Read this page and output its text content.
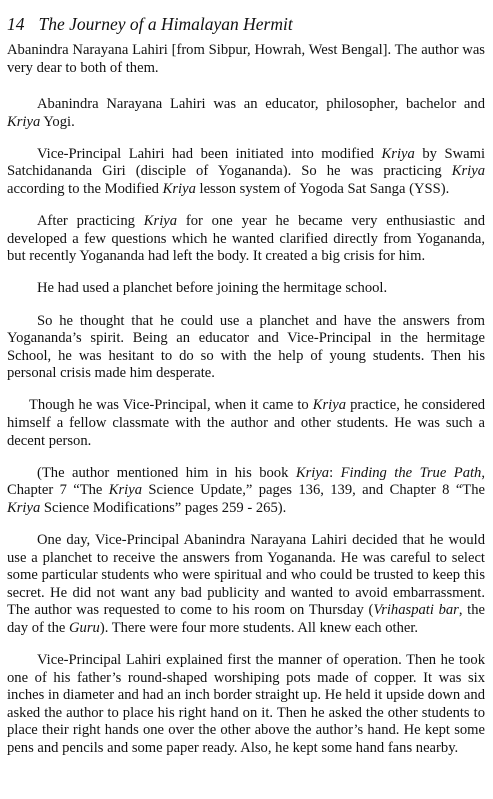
14 The Journey of a Himalayan Hermit

Abanindra Narayana Lahiri [from Sibpur, Howrah, West Bengal]. The author was very dear to both of them.

Abanindra Narayana Lahiri was an educator, philosopher, bachelor and Kriya Yogi.

Vice-Principal Lahiri had been initiated into modified Kriya by Swami Satchidananda Giri (disciple of Yogananda). So he was practicing Kriya according to the Modified Kriya lesson system of Yogoda Sat Sanga (YSS).

After practicing Kriya for one year he became very enthusiastic and developed a few questions which he wanted clarified directly from Yogananda, but recently Yogananda had left the body. It created a big crisis for him.

He had used a planchet before joining the hermitage school.

So he thought that he could use a planchet and have the answers from Yogananda’s spirit. Being an educator and Vice-Principal in the hermitage School, he was hesitant to do so with the help of young students. Then his personal crisis made him desperate.

Though he was Vice-Principal, when it came to Kriya practice, he considered himself a fellow classmate with the author and other students. He was such a decent person.

(The author mentioned him in his book Kriya: Finding the True Path, Chapter 7 “The Kriya Science Update,” pages 136, 139, and Chapter 8 “The Kriya Science Modifications” pages 259 - 265).

One day, Vice-Principal Abanindra Narayana Lahiri decided that he would use a planchet to receive the answers from Yogananda. He was careful to select some particular students who were spiritual and who could be trusted to keep this secret. He did not want any bad publicity and wanted to avoid embarrassment. The author was requested to come to his room on Thursday (Vrihaspati bar, the day of the Guru). There were four more students. All knew each other.

Vice-Principal Lahiri explained first the manner of operation. Then he took one of his father’s round-shaped worshiping pots made of copper. It was six inches in diameter and had an inch border straight up. He held it upside down and asked the author to place his right hand on it. Then he asked the other students to place their right hands one over the other above the author’s hand. He kept some pens and pencils and some paper ready. Also, he kept some hand fans nearby.
